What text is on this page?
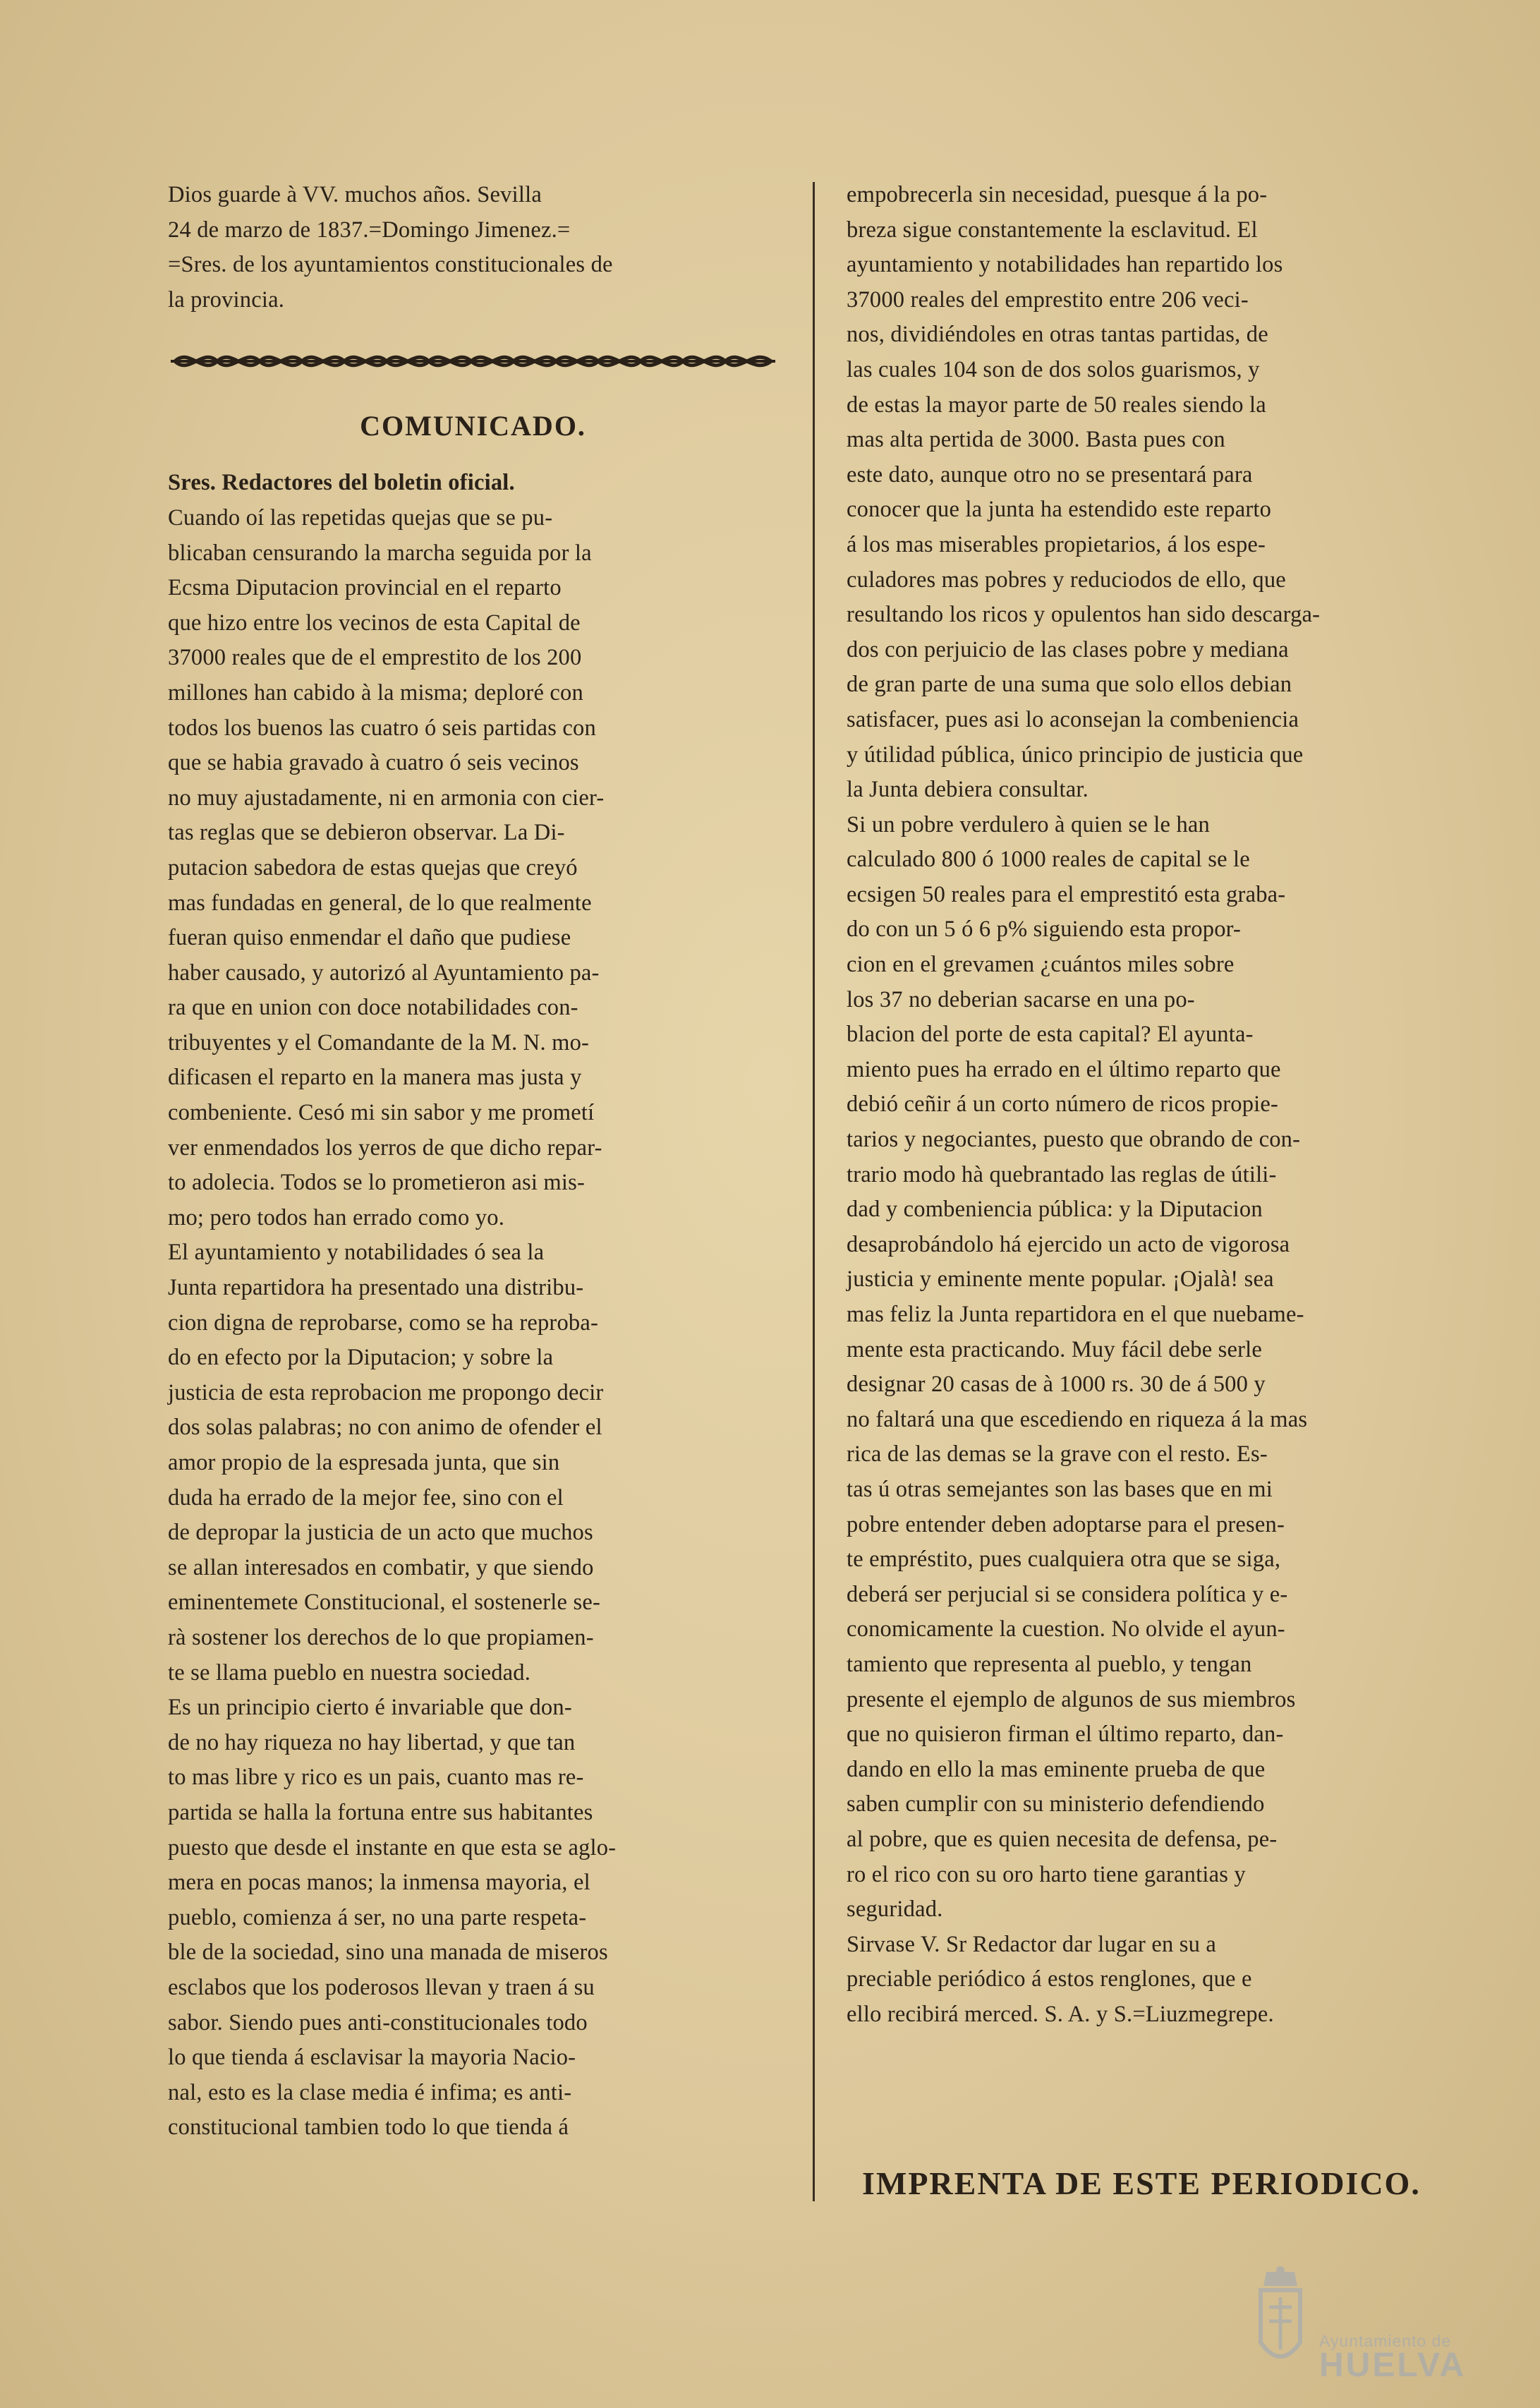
Dios guarde à VV. muchos años. Sevilla
24 de marzo de 1837.=Domingo Jimenez.=
=Sres. de los ayuntamientos constitucionales de
la provincia.
COMUNICADO.
Sres. Redactores del boletin oficial.
Cuando oí las repetidas quejas que se pu-
blicaban censurando la marcha seguida por la
Ecsma Diputacion provincial en el reparto
que hizo entre los vecinos de esta Capital de
37000 reales que de el emprestito de los 200
millones han cabido à la misma; deploré con
todos los buenos las cuatro ó seis partidas con
que se habia gravado à cuatro ó seis vecinos
no muy ajustadamente, ni en armonia con cier-
tas reglas que se debieron observar. La Di-
putacion sabedora de estas quejas que creyó
mas fundadas en general, de lo que realmente
fueran quiso enmendar el daño que pudiese
haber causado, y autorizó al Ayuntamiento pa-
ra que en union con doce notabilidades con-
tribuyentes y el Comandante de la M. N. mo-
dificasen el reparto en la manera mas justa y
combeniente. Cesó mi sin sabor y me prometí
ver enmendados los yerros de que dicho repar-
to adolecia. Todos se lo prometieron asi mis-
mo; pero todos han errado como yo.
El ayuntamiento y notabilidades ó sea la
Junta repartidora ha presentado una distribu-
cion digna de reprobarse, como se ha reproba-
do en efecto por la Diputacion; y sobre la
justicia de esta reprobacion me propongo decir
dos solas palabras; no con animo de ofender el
amor propio de la espresada junta, que sin
duda ha errado de la mejor fee, sino con el
de depropar la justicia de un acto que muchos
se allan interesados en combatir, y que siendo
eminentemete Constitucional, el sostenerle se-
rà sostener los derechos de lo que propiamen-
te se llama pueblo en nuestra sociedad.
Es un principio cierto é invariable que don-
de no hay riqueza no hay libertad, y que tan
to mas libre y rico es un pais, cuanto mas re-
partida se halla la fortuna entre sus habitantes
puesto que desde el instante en que esta se aglo-
mera en pocas manos; la inmensa mayoria, el
pueblo, comienza á ser, no una parte respeta-
ble de la sociedad, sino una manada de miseros
esclabos que los poderosos llevan y traen á su
sabor. Siendo pues anti-constitucionales todo
lo que tienda á esclavisar la mayoria Nacio-
nal, esto es la clase media é infima; es anti-
constitucional tambien todo lo que tienda á
empobrecerla sin necesidad, puesque á la po-
breza sigue constantemente la esclavitud. El
ayuntamiento y notabilidades han repartido los
37000 reales del emprestito entre 206 veci-
nos, dividiéndoles en otras tantas partidas, de
las cuales 104 son de dos solos guarismos, y
de estas la mayor parte de 50 reales siendo la
mas alta pertida de 3000. Basta pues con
este dato, aunque otro no se presentará para
conocer que la junta ha estendido este reparto
á los mas miserables propietarios, á los espe-
culadores mas pobres y reduciodos de ello, que
resultando los ricos y opulentos han sido descarga-
dos con perjuicio de las clases pobre y mediana
de gran parte de una suma que solo ellos debian
satisfacer, pues asi lo aconsejan la combeniencia
y útilidad pública, único principio de justicia que
la Junta debiera consultar.
Si un pobre verdulero à quien se le han
calculado 800 ó 1000 reales de capital se le
ecsigen 50 reales para el emprestitó esta graba-
do con un 5 ó 6 p% siguiendo esta propor-
cion en el grevamen ¿cuántos miles sobre
los 37 no deberian sacarse en una po-
blacion del porte de esta capital? El ayunta-
miento pues ha errado en el último reparto que
debió ceñir á un corto número de ricos propie-
tarios y negociantes, puesto que obrando de con-
trario modo hà quebrantado las reglas de útili-
dad y combeniencia pública: y la Diputacion
desaprobándolo há ejercido un acto de vigorosa
justicia y eminente mente popular. ¡Ojalà! sea
mas feliz la Junta repartidora en el que nuebame-
mente esta practicando. Muy fácil debe serle
designar 20 casas de à 1000 rs. 30 de á 500 y
no faltará una que escediendo en riqueza á la mas
rica de las demas se la grave con el resto. Es-
tas ú otras semejantes son las bases que en mi
pobre entender deben adoptarse para el presen-
te empréstito, pues cualquiera otra que se siga,
deberá ser perjucial si se considera política y e-
conomicamente la cuestion. No olvide el ayun-
tamiento que representa al pueblo, y tengan
presente el ejemplo de algunos de sus miembros
que no quisieron firman el último reparto, dan-
dando en ello la mas eminente prueba de que
saben cumplir con su ministerio defendiendo
al pobre, que es quien necesita de defensa, pe-
ro el rico con su oro harto tiene garantias y
seguridad.
Sirvase V. Sr Redactor dar lugar en su a
preciable periódico á estos renglones, que e
ello recibirá merced. S. A. y S.=Liuzmegrepe.
IMPRENTA DE ESTE PERIODICO.
Ayuntamiento de
HUELVA
